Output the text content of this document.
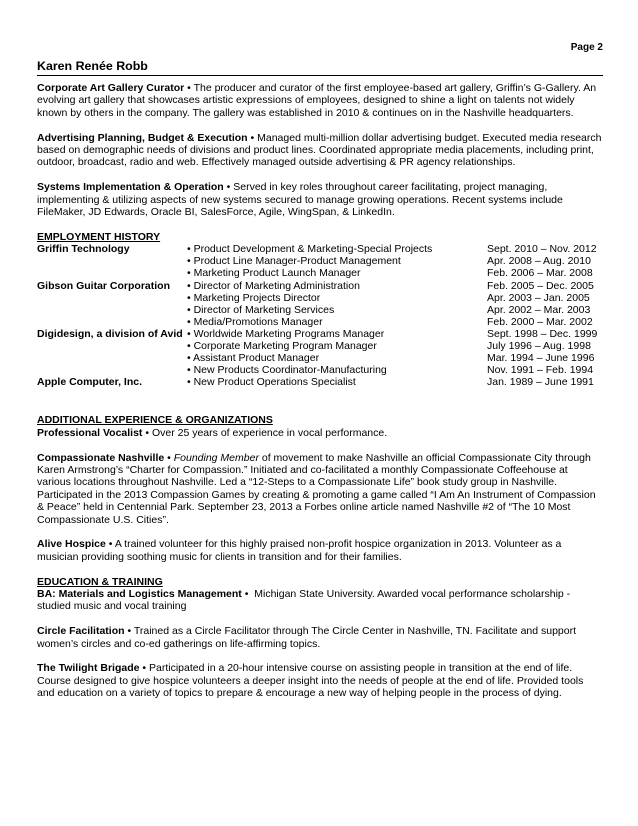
Page 2
Karen Renée Robb

Corporate Art Gallery Curator • The producer and curator of the first employee-based art gallery, Griffin’s G-Gallery. An evolving art gallery that showcases artistic expressions of employees, designed to shine a light on talents not widely known by others in the company. The gallery was established in 2010 & continues on in the Nashville headquarters.

Advertising Planning, Budget & Execution • Managed multi-million dollar advertising budget. Executed media research based on demographic needs of divisions and product lines. Coordinated appropriate media placements, including print, outdoor, broadcast, radio and web. Effectively managed outside advertising & PR agency relationships.

Systems Implementation & Operation • Served in key roles throughout career facilitating, project managing, implementing & utilizing aspects of new systems secured to manage growing operations. Recent systems include FileMaker, JD Edwards, Oracle BI, SalesForce, Agile, WingSpan, & LinkedIn.

EMPLOYMENT HISTORY
Griffin Technology	• Product Development & Marketing-Special Projects	Sept. 2010 – Nov. 2012
	• Product Line Manager-Product Management	Apr. 2008 – Aug. 2010
	• Marketing Product Launch Manager	Feb. 2006 – Mar. 2008
Gibson Guitar Corporation	• Director of Marketing Administration	Feb. 2005 – Dec. 2005
	• Marketing Projects Director	Apr. 2003 – Jan. 2005
	• Director of Marketing Services	Apr. 2002 – Mar. 2003
	• Media/Promotions Manager	Feb. 2000 – Mar. 2002
Digidesign, a division of Avid	• Worldwide Marketing Programs Manager	Sept. 1998 – Dec. 1999
	• Corporate Marketing Program Manager	July 1996 – Aug. 1998
	• Assistant Product Manager	Mar. 1994 – June 1996
	• New Products Coordinator-Manufacturing	Nov. 1991 – Feb. 1994
Apple Computer, Inc.	• New Product Operations Specialist	Jan. 1989 – June 1991
ADDITIONAL EXPERIENCE & ORGANIZATIONS

Professional Vocalist • Over 25 years of experience in vocal performance.

Compassionate Nashville • Founding Member of movement to make Nashville an official Compassionate City through Karen Armstrong’s “Charter for Compassion.” Initiated and co-facilitated a monthly Compassionate Coffeehouse at various locations throughout Nashville. Led a “12-Steps to a Compassionate Life” book study group in Nashville. Participated in the 2013 Compassion Games by creating & promoting a game called “I Am An Instrument of Compassion & Peace” held in Centennial Park. September 23, 2013 a Forbes online article named Nashville #2 of “The 10 Most Compassionate U.S. Cities”.

Alive Hospice • A trained volunteer for this highly praised non-profit hospice organization in 2013. Volunteer as a musician providing soothing music for clients in transition and for their families.

EDUCATION & TRAINING

BA: Materials and Logistics Management •  Michigan State University. Awarded vocal performance scholarship - studied music and vocal training

Circle Facilitation • Trained as a Circle Facilitator through The Circle Center in Nashville, TN. Facilitate and support women’s circles and co-ed gatherings on life-affirming topics.

The Twilight Brigade • Participated in a 20-hour intensive course on assisting people in transition at the end of life. Course designed to give hospice volunteers a deeper insight into the needs of people at the end of life. Provided tools and education on a variety of topics to prepare & encourage a new way of helping people in the process of dying.
